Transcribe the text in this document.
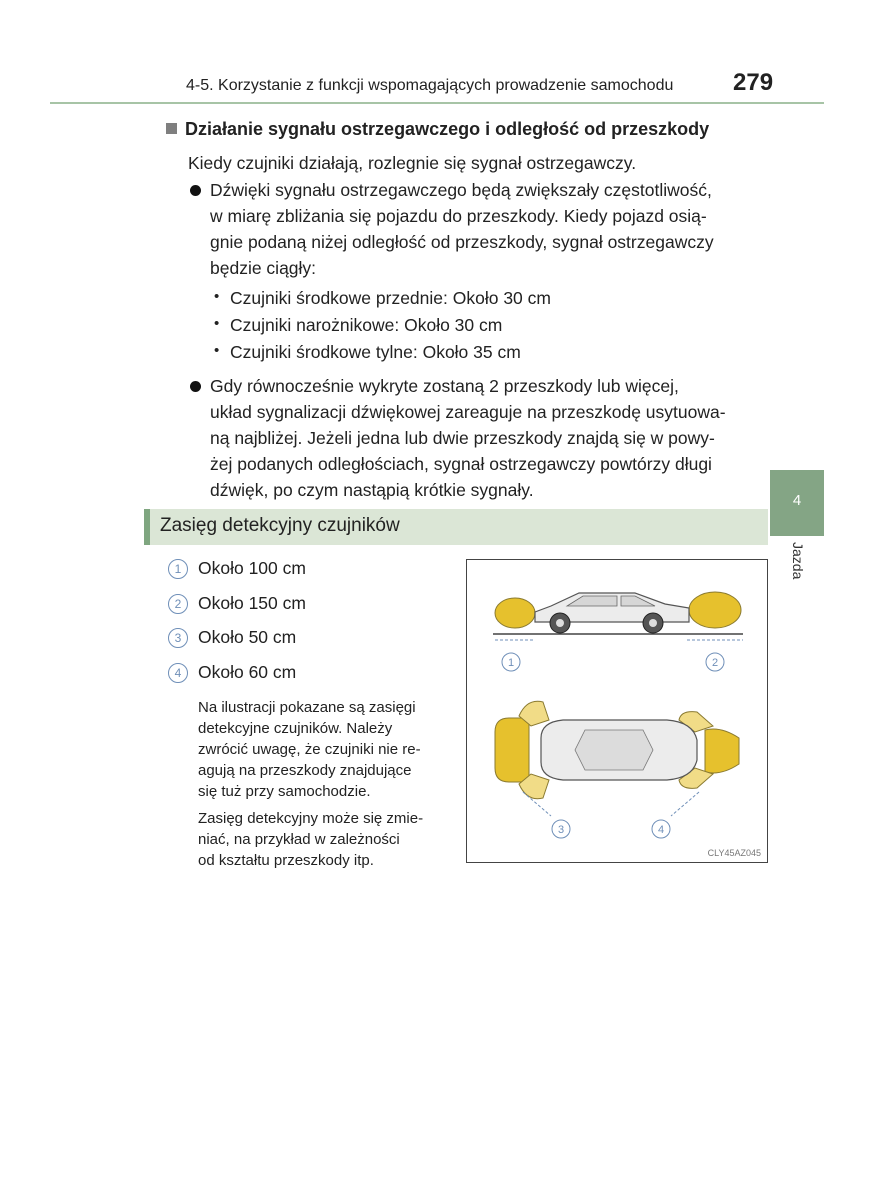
4-5. Korzystanie z funkcji wspomagających prowadzenie samochodu 279
Działanie sygnału ostrzegawczego i odległość od przeszkody
Kiedy czujniki działają, rozlegnie się sygnał ostrzegawczy.
Dźwięki sygnału ostrzegawczego będą zwiększały częstotliwość,
w miarę zbliżania się pojazdu do przeszkody. Kiedy pojazd osią-
gnie podaną niżej odległość od przeszkody, sygnał ostrzegawczy
będzie ciągły:
• Czujniki środkowe przednie: Około 30 cm
• Czujniki narożnikowe: Około 30 cm
• Czujniki środkowe tylne: Około 35 cm
Gdy równocześnie wykryte zostaną 2 przeszkody lub więcej,
układ sygnalizacji dźwiękowej zareaguje na przeszkodę usytuowa-
ną najbliżej. Jeżeli jedna lub dwie przeszkody znajdą się w powy-
żej podanych odległościach, sygnał ostrzegawczy powtórzy długi
dźwięk, po czym nastąpią krótkie sygnały.
Zasięg detekcyjny czujników
4
Jazda
1 Około 100 cm
2 Około 150 cm
3 Około 50 cm
4 Około 60 cm
Na ilustracji pokazane są zasięgi
detekcyjne czujników. Należy
zwrócić uwagę, że czujniki nie re-
agują na przeszkody znajdujące
się tuż przy samochodzie.
Zasięg detekcyjny może się zmie-
niać, na przykład w zależności
od kształtu przeszkody itp.
1	2
3	4
CLY45AZ045
